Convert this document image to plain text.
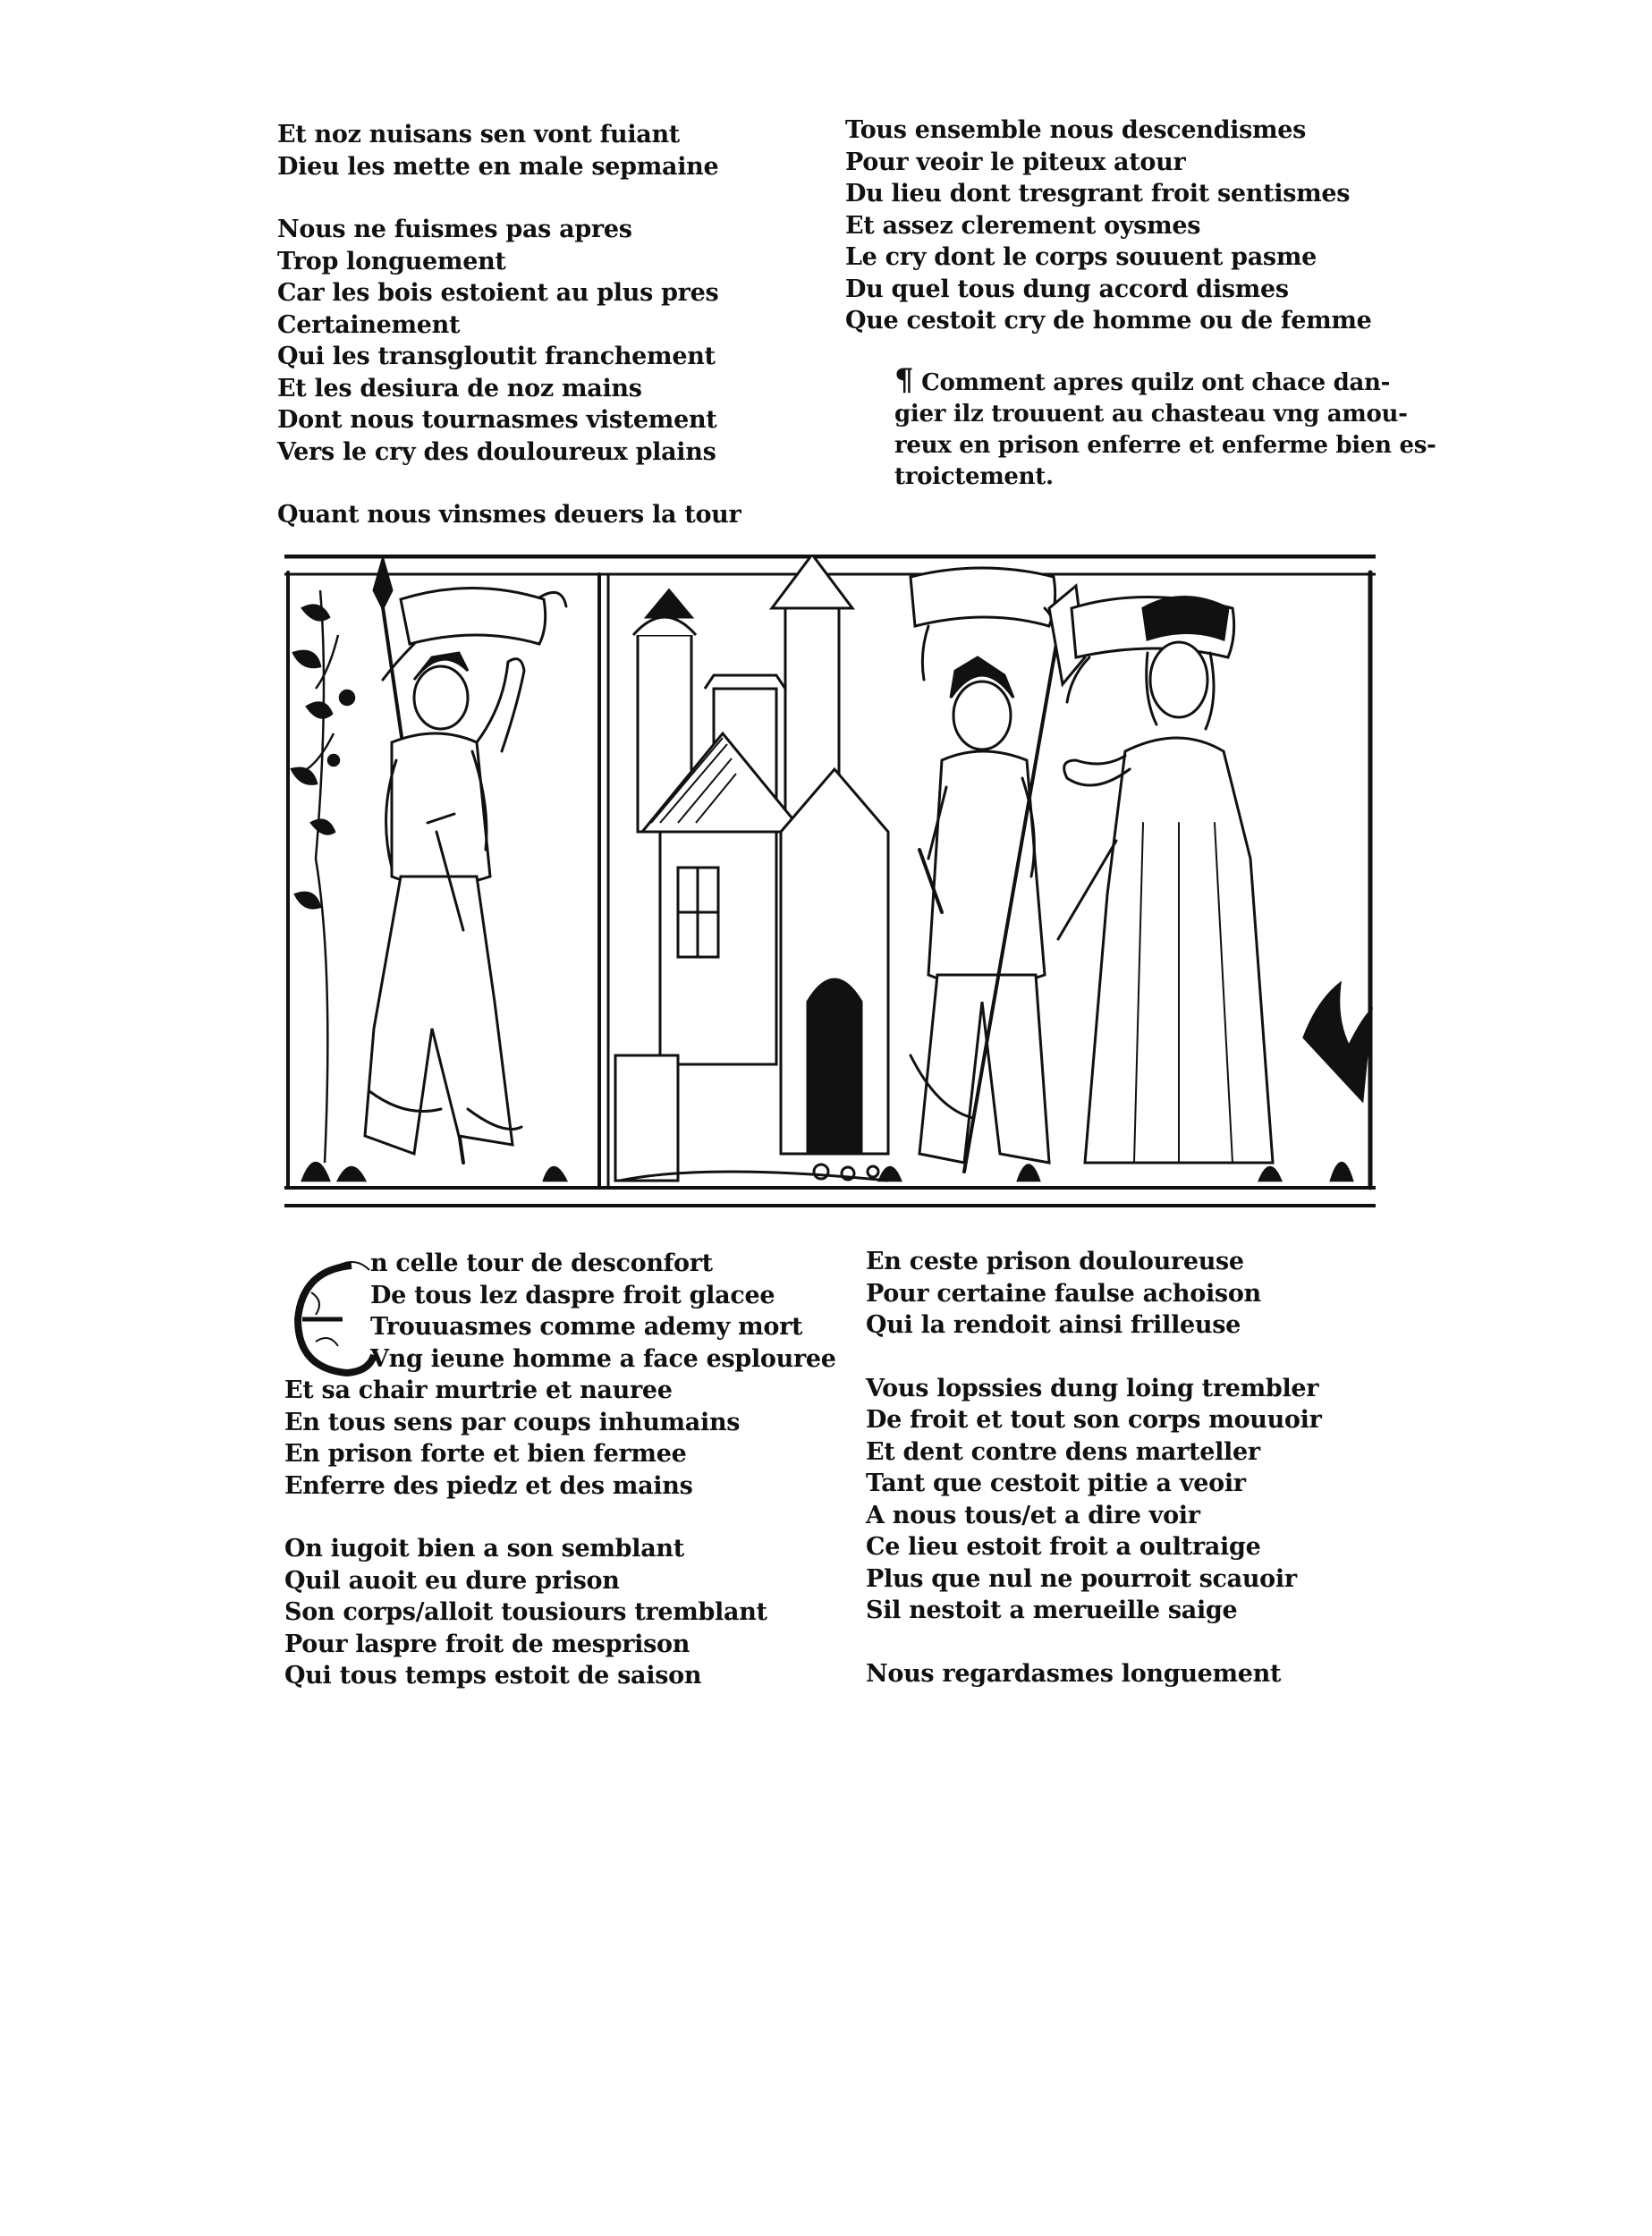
Et noz nuisans sen vont fuiant
Dieu les mette en male sepmaine
Nous ne fuismes pas apres
Trop longuement
Car les bois estoient au plus pres
Certainement
Qui les transgloutit franchement
Et les desiura de noz mains
Dont nous tournasmes vistement
Vers le cry des douloureux plains
Quant nous vinsmes deuers la tour
Tous ensemble nous descendismes
Pour veoir le piteux atour
Du lieu dont tresgrant froit sentismes
Et assez clerement oysmes
Le cry dont le corps souuent pasme
Du quel tous dung accord dismes
Que cestoit cry de homme ou de femme
¶ Comment apres quilz ont chace dan-
gier ilz trouuent au chasteau vng amou-
reux en prison enferre et enferme bien es-
troictement.
n celle tour de desconfort
De tous lez daspre froit glacee
Trouuasmes comme ademy mort
Vng ieune homme a face esplouree
Et sa chair murtrie et nauree
En tous sens par coups inhumains
En prison forte et bien fermee
Enferre des piedz et des mains
On iugoit bien a son semblant
Quil auoit eu dure prison
Son corps/alloit tousiours tremblant
Pour laspre froit de mesprison
Qui tous temps estoit de saison
En ceste prison douloureuse
Pour certaine faulse achoison
Qui la rendoit ainsi frilleuse
Vous lopssies dung loing trembler
De froit et tout son corps mouuoir
Et dent contre dens marteller
Tant que cestoit pitie a veoir
A nous tous/et a dire voir
Ce lieu estoit froit a oultraige
Plus que nul ne pourroit scauoir
Sil nestoit a merueille saige
Nous regardasmes longuement
